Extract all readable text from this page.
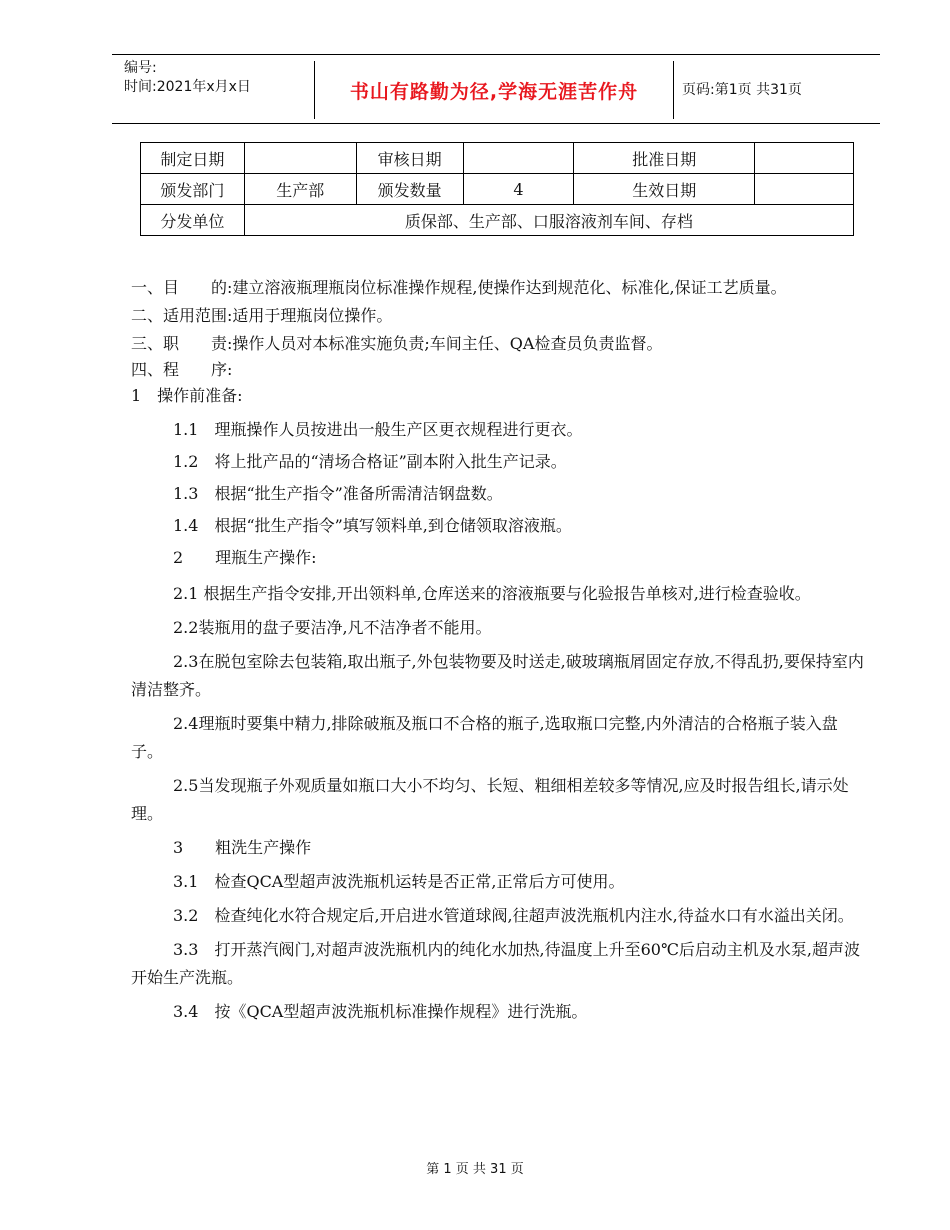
编号:
时间:2021年x月x日	书山有路勤为径,学海无涯苦作舟	页码:第1页 共31页
制定日期		审核日期		批准日期	
颁发部门	生产部	颁发数量	4	生效日期	
分发单位	质保部、生产部、口服溶液剂车间、存档				

一、目　　的:建立溶液瓶理瓶岗位标准操作规程,使操作达到规范化、标准化,保证工艺质量。

二、适用范围:适用于理瓶岗位操作。

三、职　　责:操作人员对本标准实施负责;车间主任、QA检查员负责监督。

四、程　　序:

1　操作前准备:

1.1　理瓶操作人员按进出一般生产区更衣规程进行更衣。

1.2　将上批产品的“清场合格证”副本附入批生产记录。

1.3　根据“批生产指令”准备所需清洁钢盘数。

1.4　根据“批生产指令”填写领料单,到仓储领取溶液瓶。

2　　理瓶生产操作:

2.1 根据生产指令安排,开出领料单,仓库送来的溶液瓶要与化验报告单核对,进行检查验收。

2.2装瓶用的盘子要洁净,凡不洁净者不能用。

2.3在脱包室除去包装箱,取出瓶子,外包装物要及时送走,破玻璃瓶屑固定存放,不得乱扔,要保持室内清洁整齐。

2.4理瓶时要集中精力,排除破瓶及瓶口不合格的瓶子,选取瓶口完整,内外清洁的合格瓶子装入盘子。

2.5当发现瓶子外观质量如瓶口大小不均匀、长短、粗细相差较多等情况,应及时报告组长,请示处理。

3　　粗洗生产操作

3.1　检查QCA型超声波洗瓶机运转是否正常,正常后方可使用。

3.2　检查纯化水符合规定后,开启进水管道球阀,往超声波洗瓶机内注水,待益水口有水溢出关闭。

3.3　打开蒸汽阀门,对超声波洗瓶机内的纯化水加热,待温度上升至60℃后启动主机及水泵,超声波开始生产洗瓶。

3.4　按《QCA型超声波洗瓶机标准操作规程》进行洗瓶。

第 1 页 共 31 页
